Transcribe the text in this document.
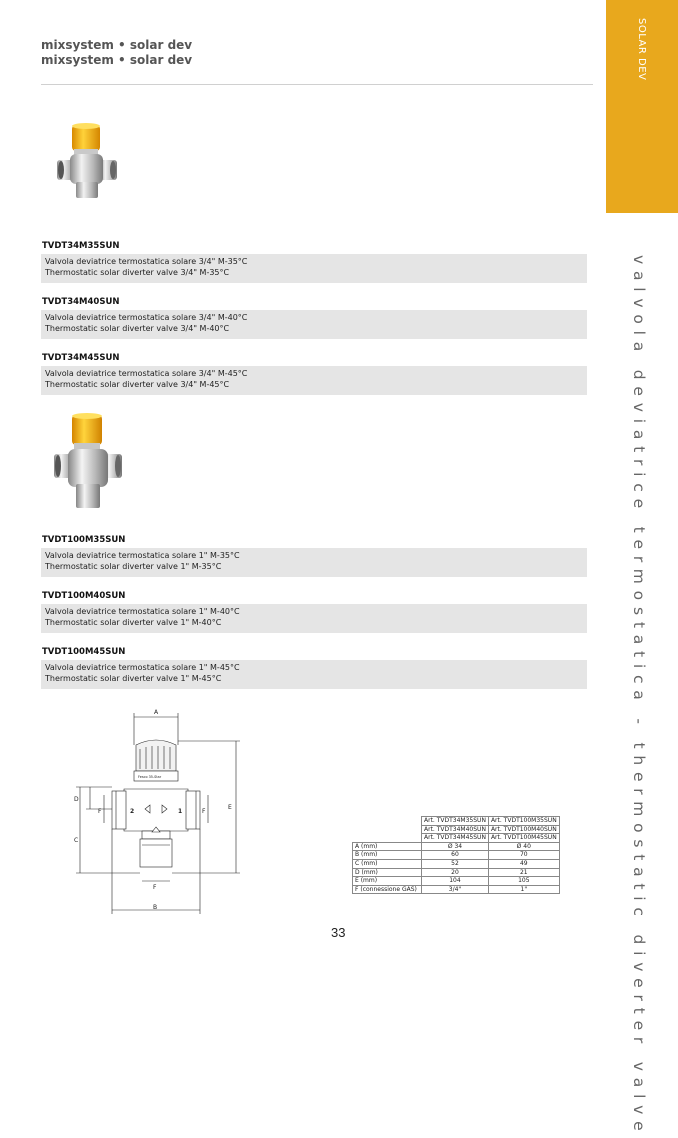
mixsystem • solar dev
mixsystem • solar dev	SOLAR DEV
valvola deviatrice termostatica - thermostatic diverter valve
TVDT34M35SUN
Valvola deviatrice termostatica solare 3/4" M-35°C
Thermostatic solar diverter valve 3/4" M-35°C
TVDT34M40SUN
Valvola deviatrice termostatica solare 3/4" M-40°C
Thermostatic solar diverter valve 3/4" M-40°C
TVDT34M45SUN
Valvola deviatrice termostatica solare 3/4" M-45°C
Thermostatic solar diverter valve 3/4" M-45°C
TVDT100M35SUN
Valvola deviatrice termostatica solare 1" M-35°C
Thermostatic solar diverter valve 1" M-35°C
TVDT100M40SUN
Valvola deviatrice termostatica solare 1" M-40°C
Thermostatic solar diverter valve 1" M-40°C
TVDT100M45SUN
Valvola deviatrice termostatica solare 1" M-45°C
Thermostatic solar diverter valve 1" M-45°C
A
B
C
D
E
F	F
F
2	1
Fesco 35-Star
	Art. TVDT34M35SUN	Art. TVDT100M35SUN
	Art. TVDT34M40SUN	Art. TVDT100M40SUN
	Art. TVDT34M45SUN	Art. TVDT100M45SUN
A (mm)	Ø 34	Ø 40
B (mm)	60	70
C (mm)	52	49
D (mm)	20	21
E (mm)	104	105
F (connessione GAS)	3/4"	1"
33
